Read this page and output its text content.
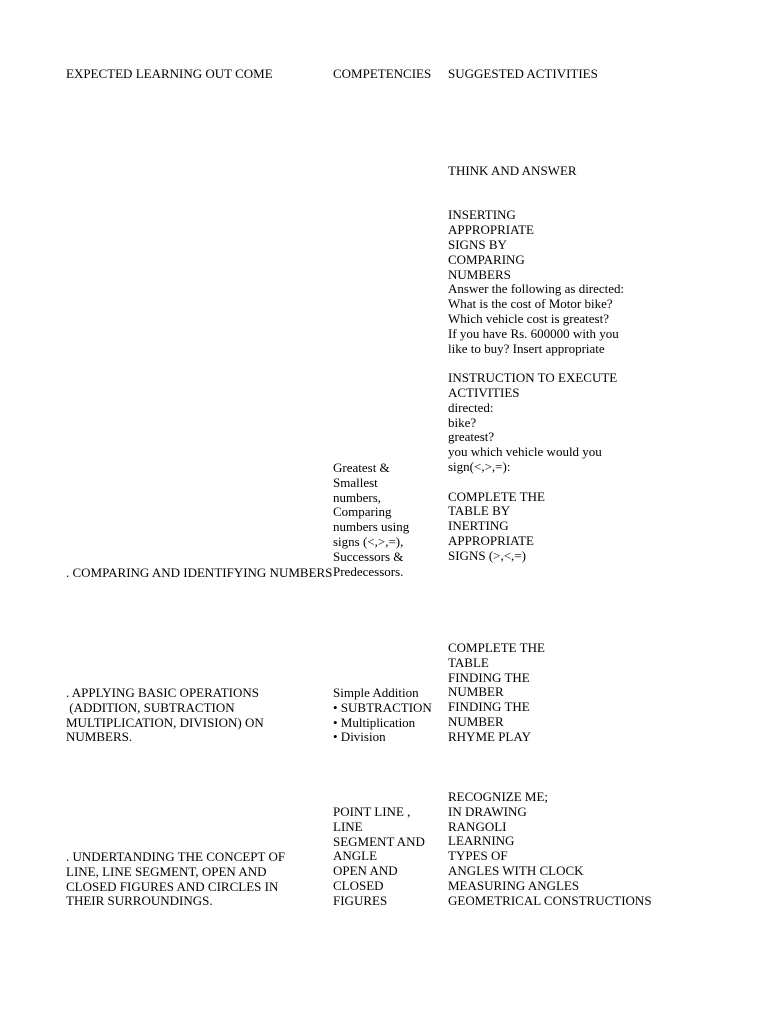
EXPECTED LEARNING OUT COME	COMPETENCIES SUGGESTED ACTIVITIES
. COMPARING AND IDENTIFYING NUMBERS
Greatest &
Smallest
numbers,
Comparing
numbers using
signs (<,>,=),
Successors &
Predecessors.
THINK AND ANSWER
INSERTING
APPROPRIATE
SIGNS BY
COMPARING
NUMBERS
Answer the following as directed:
What is the cost of Motor bike?
Which vehicle cost is greatest?
If you have Rs. 600000 with you
like to buy? Insert appropriate
INSTRUCTION TO EXECUTE
ACTIVITIES
directed:
bike?
greatest?
you which vehicle would you
sign(<,>,=):
COMPLETE THE
TABLE BY
INERTING
APPROPRIATE
SIGNS (>,<,=)
. APPLYING BASIC OPERATIONS
(ADDITION, SUBTRACTION
MULTIPLICATION, DIVISION) ON
NUMBERS.
Simple Addition
• SUBTRACTION
• Multiplication
• Division
COMPLETE THE
TABLE
FINDING THE
NUMBER
FINDING THE
NUMBER
RHYME PLAY
. UNDERTANDING THE CONCEPT OF
LINE, LINE SEGMENT, OPEN AND
CLOSED FIGURES AND CIRCLES IN
THEIR SURROUNDINGS.
POINT LINE ,
LINE
SEGMENT AND
ANGLE
OPEN AND
CLOSED
FIGURES
RECOGNIZE ME;
IN DRAWING
RANGOLI
LEARNING
TYPES OF
ANGLES WITH CLOCK
MEASURING ANGLES
GEOMETRICAL CONSTRUCTIONS
